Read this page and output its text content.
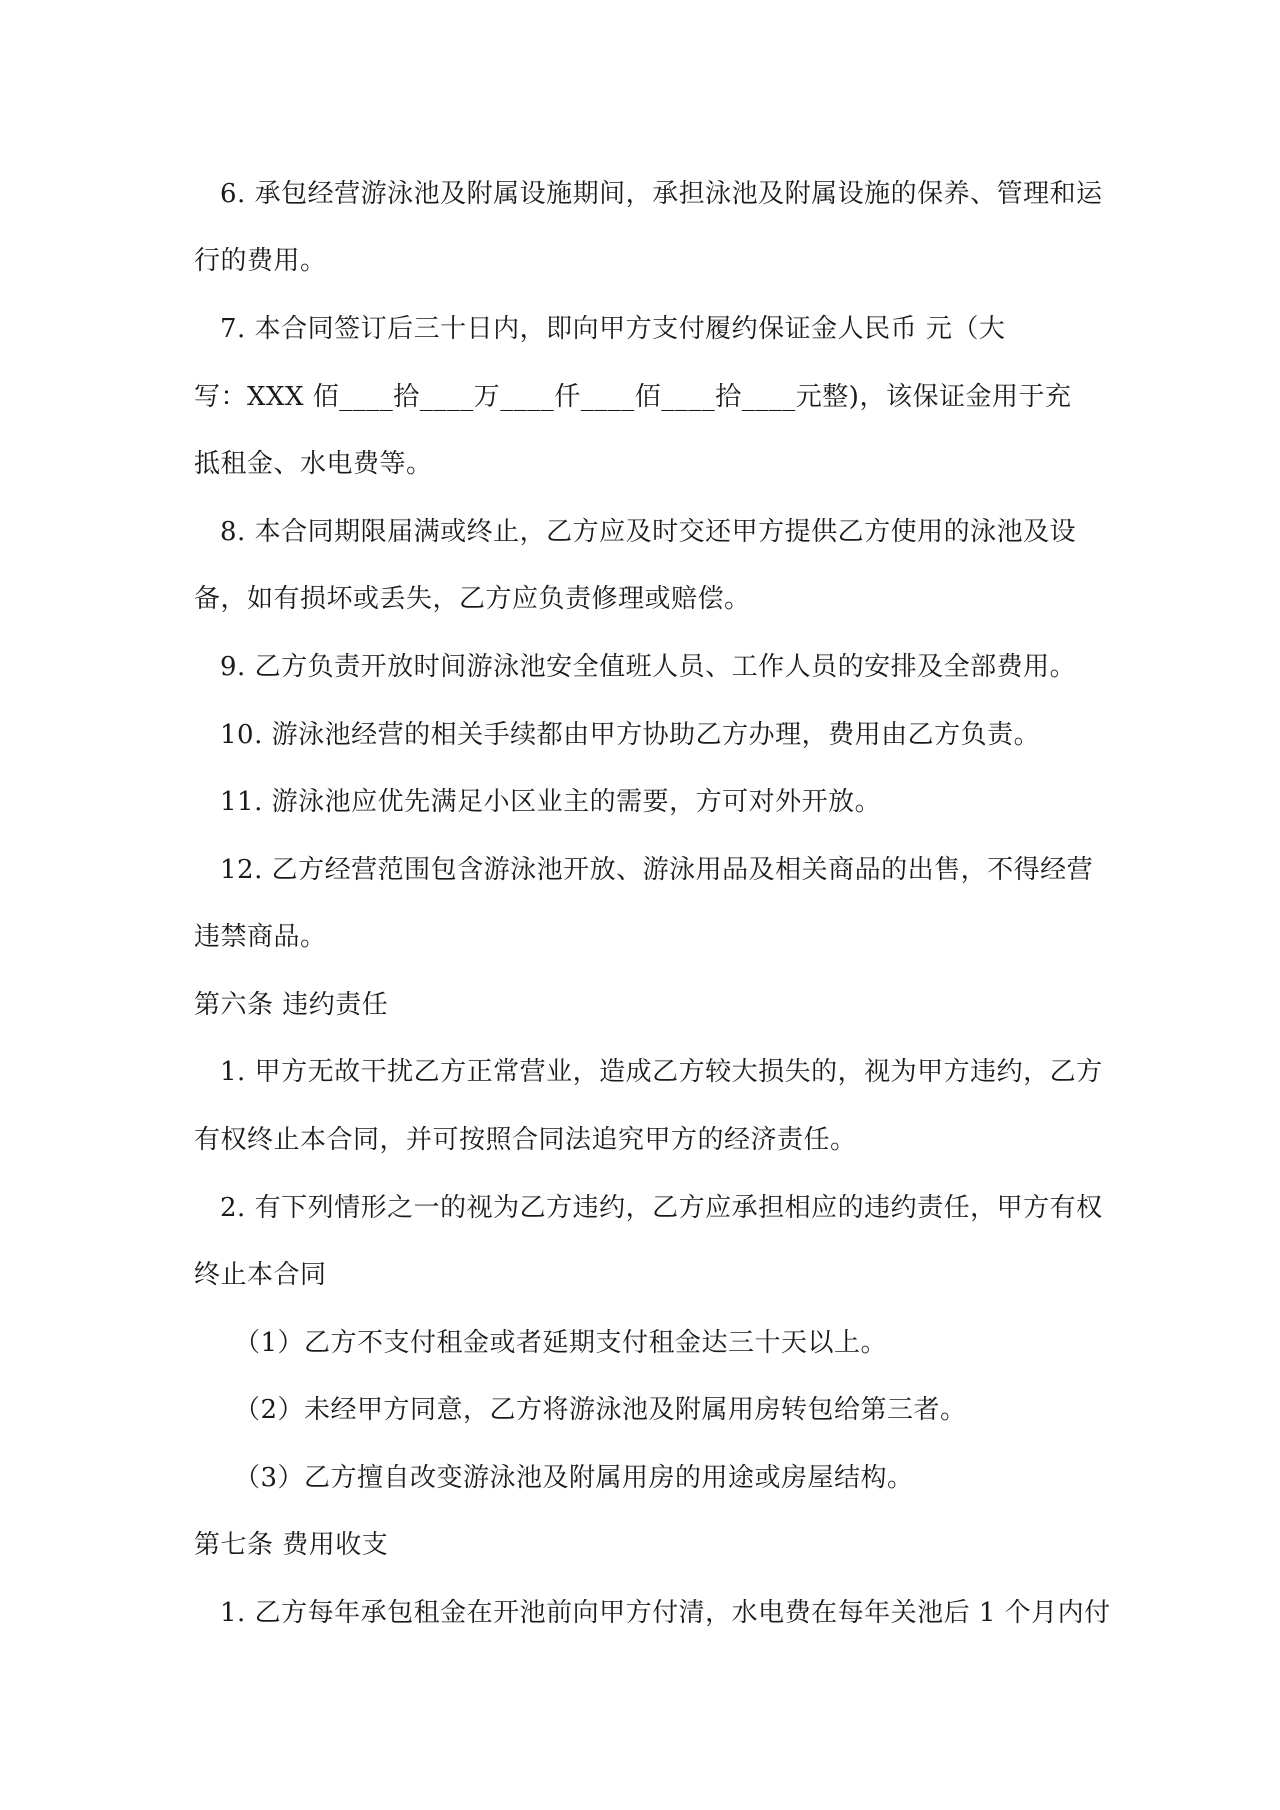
6. 承包经营游泳池及附属设施期间，承担泳池及附属设施的保养、管理和运
行的费用。
7. 本合同签订后三十日内，即向甲方支付履约保证金人民币 元（大
写：XXX 佰____拾____万____仟____佰____拾____元整)，该保证金用于充
抵租金、水电费等。
8. 本合同期限届满或终止，乙方应及时交还甲方提供乙方使用的泳池及设
备，如有损坏或丢失，乙方应负责修理或赔偿。
9. 乙方负责开放时间游泳池安全值班人员、工作人员的安排及全部费用。
10. 游泳池经营的相关手续都由甲方协助乙方办理，费用由乙方负责。
11. 游泳池应优先满足小区业主的需要，方可对外开放。
12. 乙方经营范围包含游泳池开放、游泳用品及相关商品的出售，不得经营
违禁商品。
第六条 违约责任
1. 甲方无故干扰乙方正常营业，造成乙方较大损失的，视为甲方违约，乙方
有权终止本合同，并可按照合同法追究甲方的经济责任。
2. 有下列情形之一的视为乙方违约，乙方应承担相应的违约责任，甲方有权
终止本合同
（1）乙方不支付租金或者延期支付租金达三十天以上。
（2）未经甲方同意，乙方将游泳池及附属用房转包给第三者。
（3）乙方擅自改变游泳池及附属用房的用途或房屋结构。
第七条 费用收支
1. 乙方每年承包租金在开池前向甲方付清，水电费在每年关池后 1 个月内付
